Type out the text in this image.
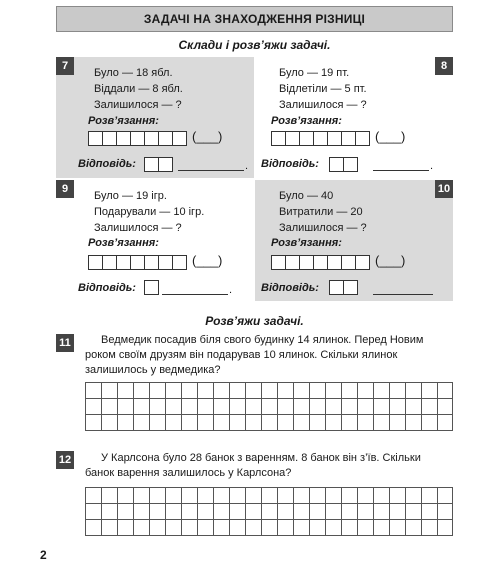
ЗАДАЧІ НА ЗНАХОДЖЕННЯ РІЗНИЦІ
Склади і розв’яжи задачі.
7
Було — 18 ябл.
Віддали — 8 ябл.
Залишилося — ?
Розв’язання:
(___)
Відповідь:	.
8
Було — 19 пт.
Відлетіли — 5 пт.
Залишилося — ?
Розв’язання:
(___)
Відповідь:	.
9
Було — 19 ігр.
Подарували — 10 ігр.
Залишилося — ?
Розв’язання:
(___)
Відповідь:	.
10
Було — 40
Витратили — 20
Залишилося — ?
Розв’язання:
(___)
Відповідь:
Розв’яжи задачі.
11	Ведмедик посадив біля свого будинку 14 ялинок. Перед Новим роком своїм друзям він подарував 10 ялинок. Скільки ялинок залишилось у ведмедика?
12	У Карлсона було 28 банок з варенням. 8 банок він з’їв. Скільки банок варення залишилось у Карлсона?
2
